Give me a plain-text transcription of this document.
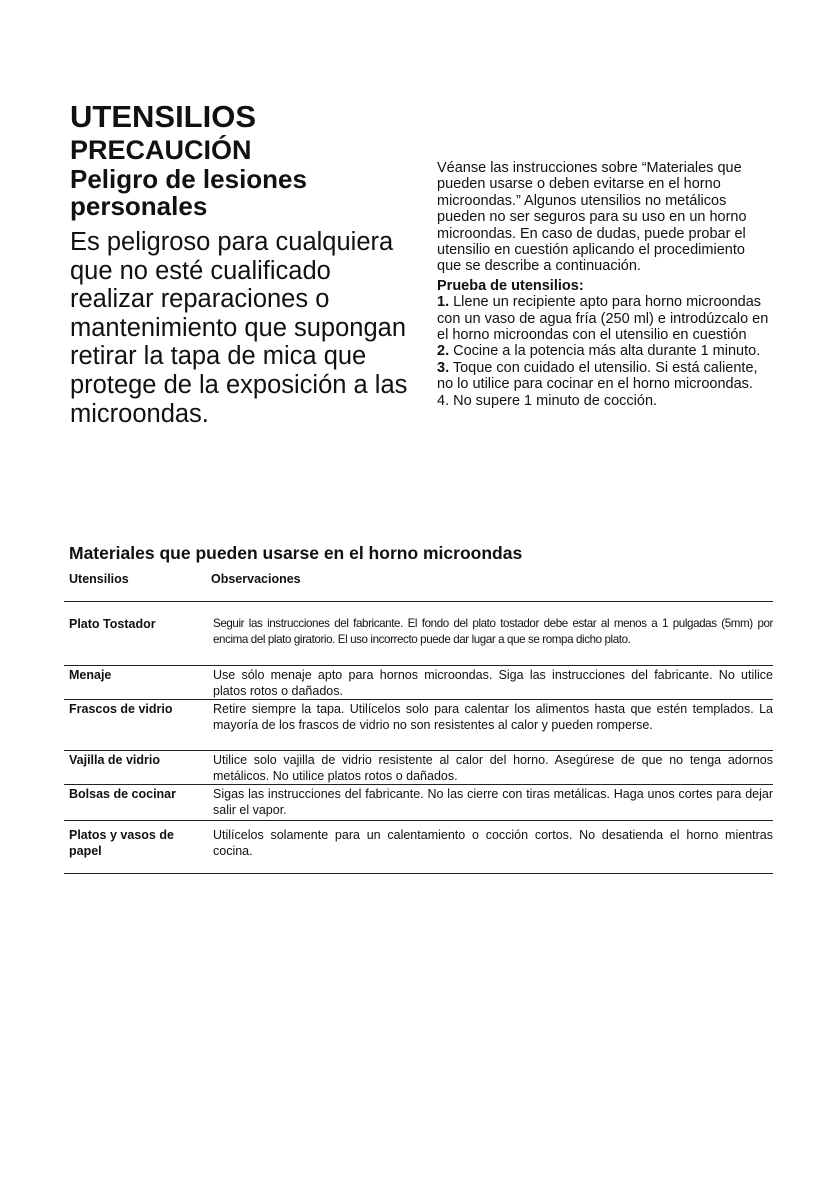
UTENSILIOS
PRECAUCIÓN
Peligro de lesiones personales

Es peligroso para cualquiera que no esté cualificado realizar reparaciones o mantenimiento que supongan retirar la tapa de mica que protege de la exposición a las microondas.

Véanse las instrucciones sobre “Materiales que pueden usarse o deben evitarse en el horno microondas.” Algunos utensilios no metálicos pueden no ser seguros para su uso en un horno microondas. En caso de dudas, puede probar el utensilio en cuestión aplicando el procedimiento que se describe a continuación.

Prueba de utensilios:

1. Llene un recipiente apto para horno microondas con un vaso de agua fría (250 ml) e introdúzcalo en el horno microondas con el utensilio en cuestión

2. Cocine a la potencia más alta durante 1 minuto.

3. Toque con cuidado el utensilio. Si está caliente, no lo utilice para cocinar en el horno microondas.

4. No supere 1 minuto de cocción.

Materiales que pueden usarse en el horno microondas
Utensilios	Observaciones
Plato Tostador	Seguir las instrucciones del fabricante. El fondo del plato tostador debe estar al menos a 1 pulgadas (5mm) por encima del plato giratorio. El uso incorrecto puede dar lugar a que se rompa dicho plato.
Menaje	Use sólo menaje apto para hornos microondas. Siga las instrucciones del fabricante. No utilice platos rotos o dañados.
Frascos de vidrio	Retire siempre la tapa. Utilícelos solo para calentar los alimentos hasta que estén templados. La mayoría de los frascos de vidrio no son resistentes al calor y pueden romperse.
Vajilla de vidrio	Utilice solo vajilla de vidrio resistente al calor del horno. Asegúrese de que no tenga adornos metálicos. No utilice platos rotos o dañados.
Bolsas de cocinar	Sigas las instrucciones del fabricante. No las cierre con tiras metálicas. Haga unos cortes para dejar salir el vapor.
Platos y vasos de papel	Utilícelos solamente para un calentamiento o cocción cortos. No desatienda el horno mientras cocina.
